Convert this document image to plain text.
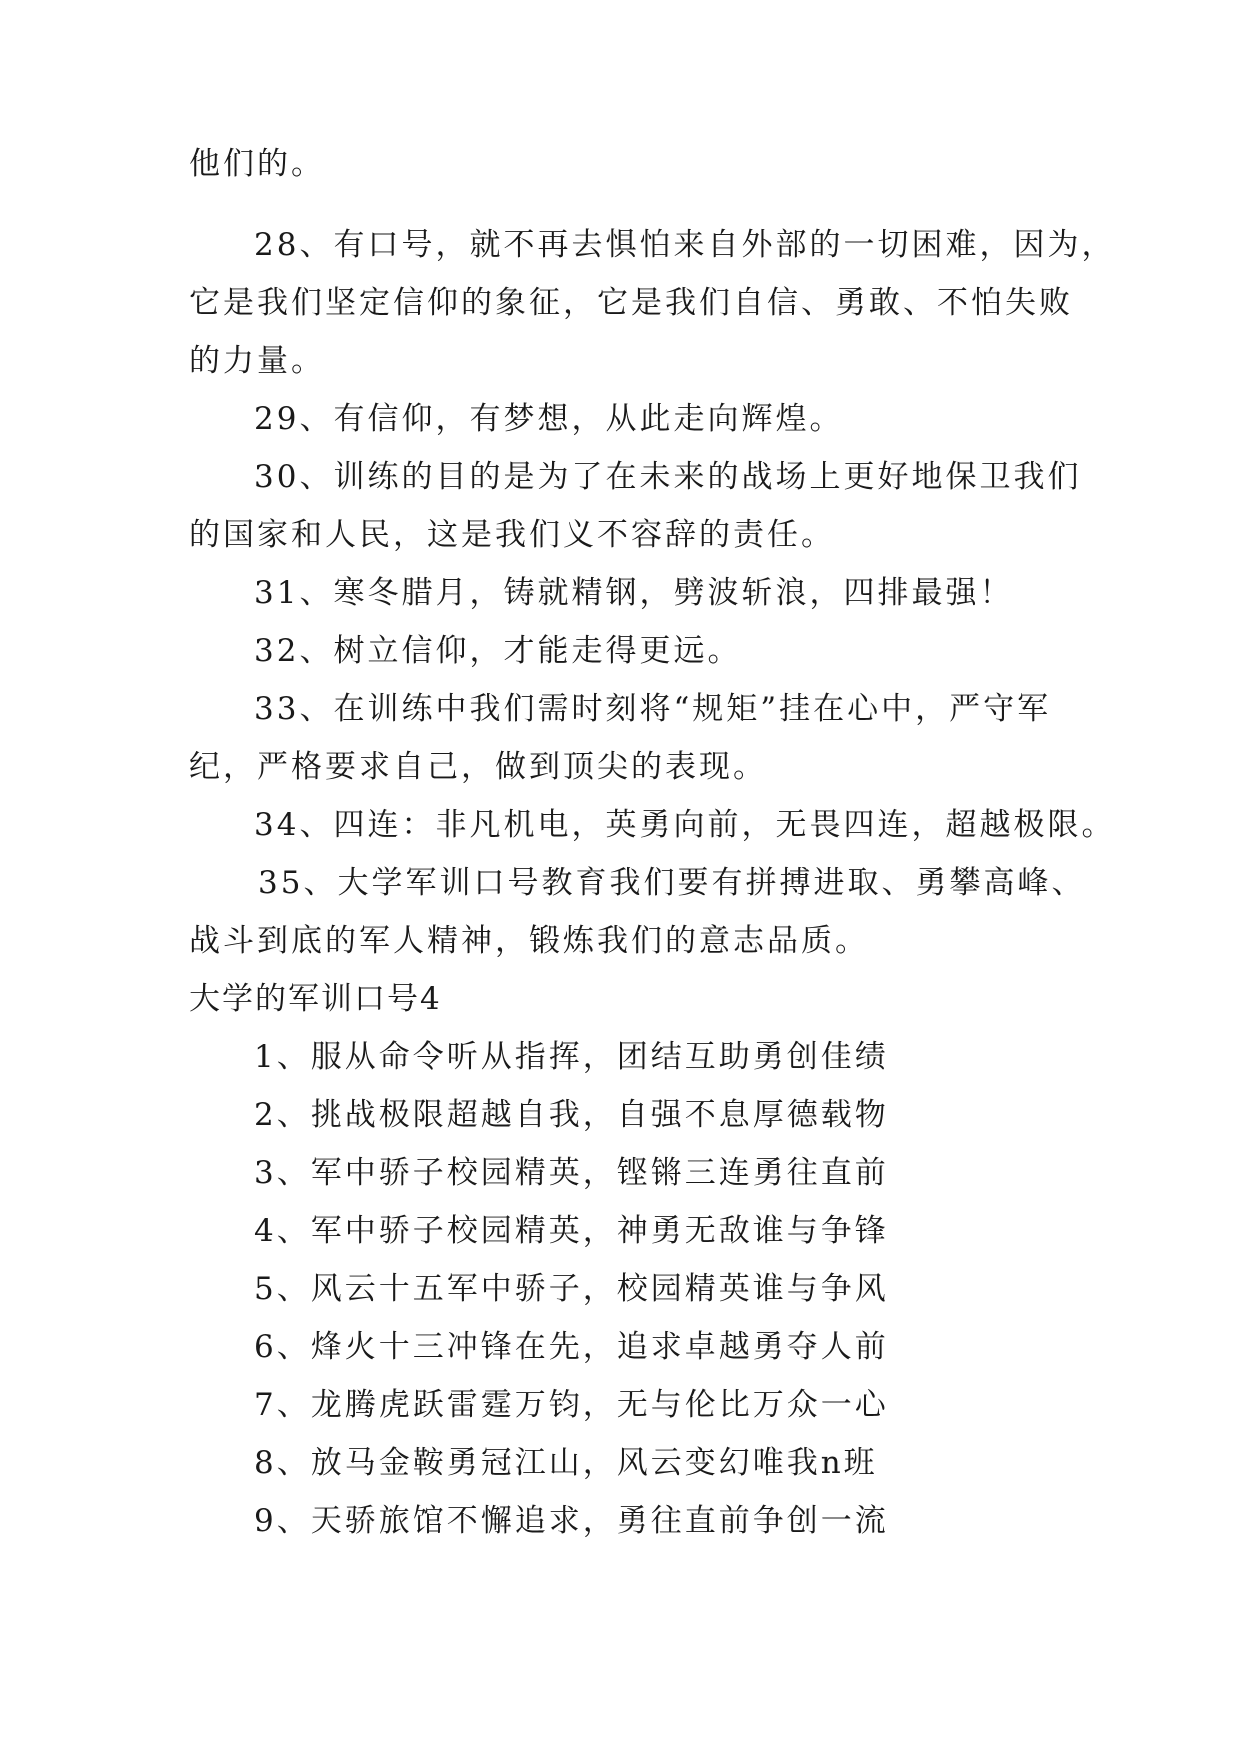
他们的。
28、有口号，就不再去惧怕来自外部的一切困难，因为，
它是我们坚定信仰的象征，它是我们自信、勇敢、不怕失败
的力量。
29、有信仰，有梦想，从此走向辉煌。
30、训练的目的是为了在未来的战场上更好地保卫我们
的国家和人民，这是我们义不容辞的责任。
31、寒冬腊月，铸就精钢，劈波斩浪，四排最强！
32、树立信仰，才能走得更远。
33、在训练中我们需时刻将“规矩”挂在心中，严守军
纪，严格要求自己，做到顶尖的表现。
34、四连：非凡机电，英勇向前，无畏四连，超越极限。
35、大学军训口号教育我们要有拼搏进取、勇攀高峰、
战斗到底的军人精神，锻炼我们的意志品质。
大学的军训口号4
1、服从命令听从指挥，团结互助勇创佳绩
2、挑战极限超越自我，自强不息厚德载物
3、军中骄子校园精英，铿锵三连勇往直前
4、军中骄子校园精英，神勇无敌谁与争锋
5、风云十五军中骄子，校园精英谁与争风
6、烽火十三冲锋在先，追求卓越勇夺人前
7、龙腾虎跃雷霆万钧，无与伦比万众一心
8、放马金鞍勇冠江山，风云变幻唯我n班
9、天骄旅馆不懈追求，勇往直前争创一流
